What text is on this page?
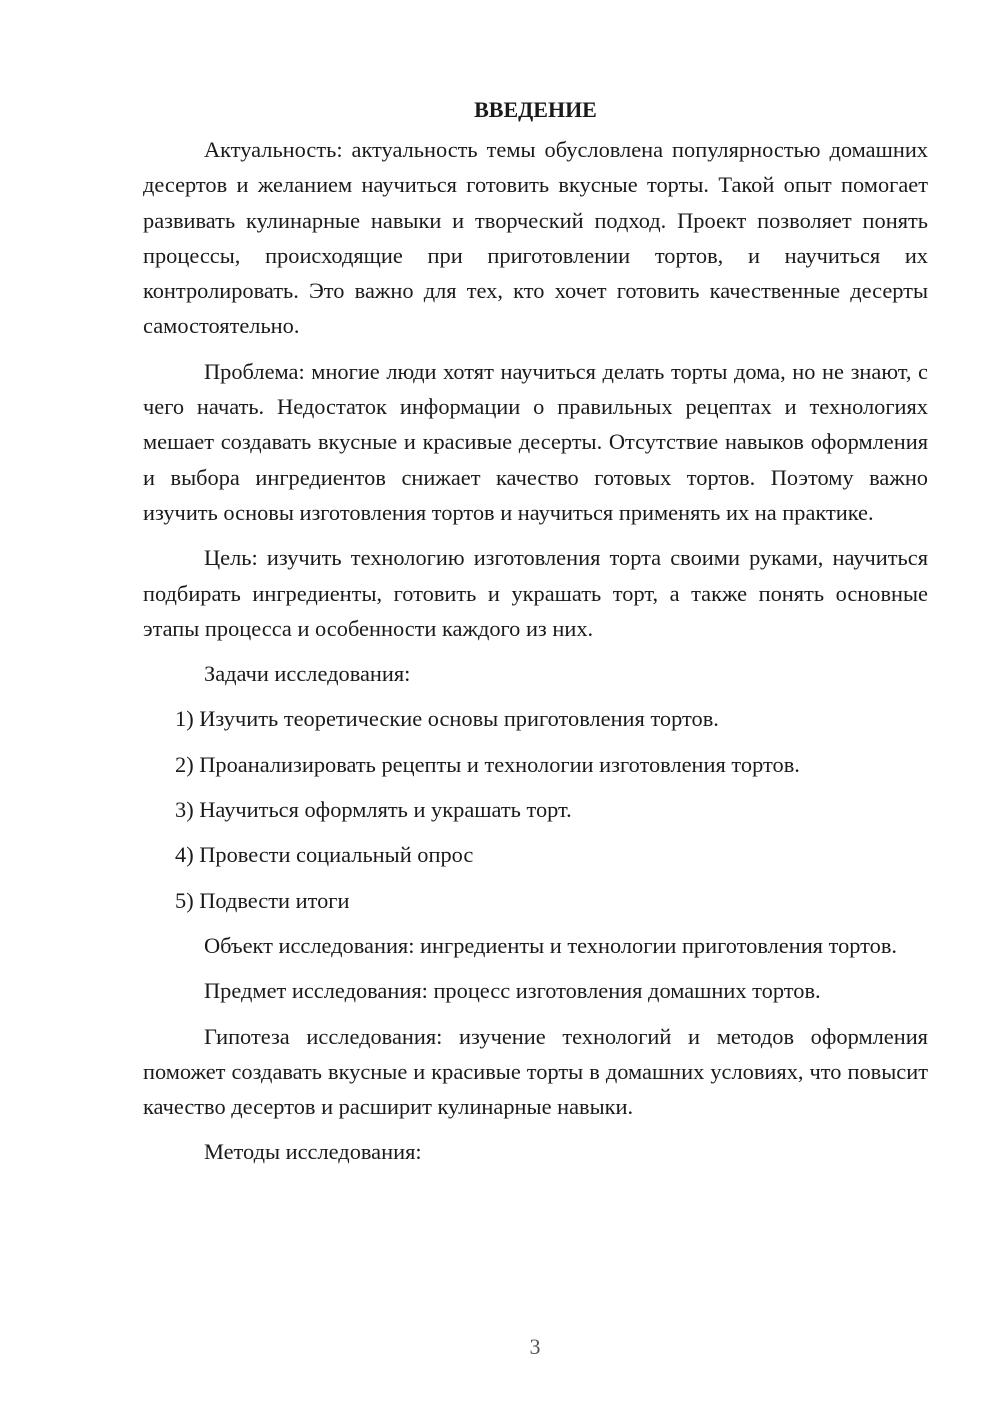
ВВЕДЕНИЕ

Актуальность: актуальность темы обусловлена популярностью домашних десертов и желанием научиться готовить вкусные торты. Такой опыт помогает развивать кулинарные навыки и творческий подход. Проект позволяет понять процессы, происходящие при приготовлении тортов, и научиться их контролировать. Это важно для тех, кто хочет готовить качественные десерты самостоятельно.

Проблема: многие люди хотят научиться делать торты дома, но не знают, с чего начать. Недостаток информации о правильных рецептах и технологиях мешает создавать вкусные и красивые десерты. Отсутствие навыков оформления и выбора ингредиентов снижает качество готовых тортов. Поэтому важно изучить основы изготовления тортов и научиться применять их на практике.

Цель: изучить технологию изготовления торта своими руками, научиться подбирать ингредиенты, готовить и украшать торт, а также понять основные этапы процесса и особенности каждого из них.

Задачи исследования:

1) Изучить теоретические основы приготовления тортов.
2) Проанализировать рецепты и технологии изготовления тортов.
3) Научиться оформлять и украшать торт.
4) Провести социальный опрос
5) Подвести итоги

Объект исследования: ингредиенты и технологии приготовления тортов.

Предмет исследования: процесс изготовления домашних тортов.

Гипотеза исследования: изучение технологий и методов оформления поможет создавать вкусные и красивые торты в домашних условиях, что повысит качество десертов и расширит кулинарные навыки.

Методы исследования:

3
